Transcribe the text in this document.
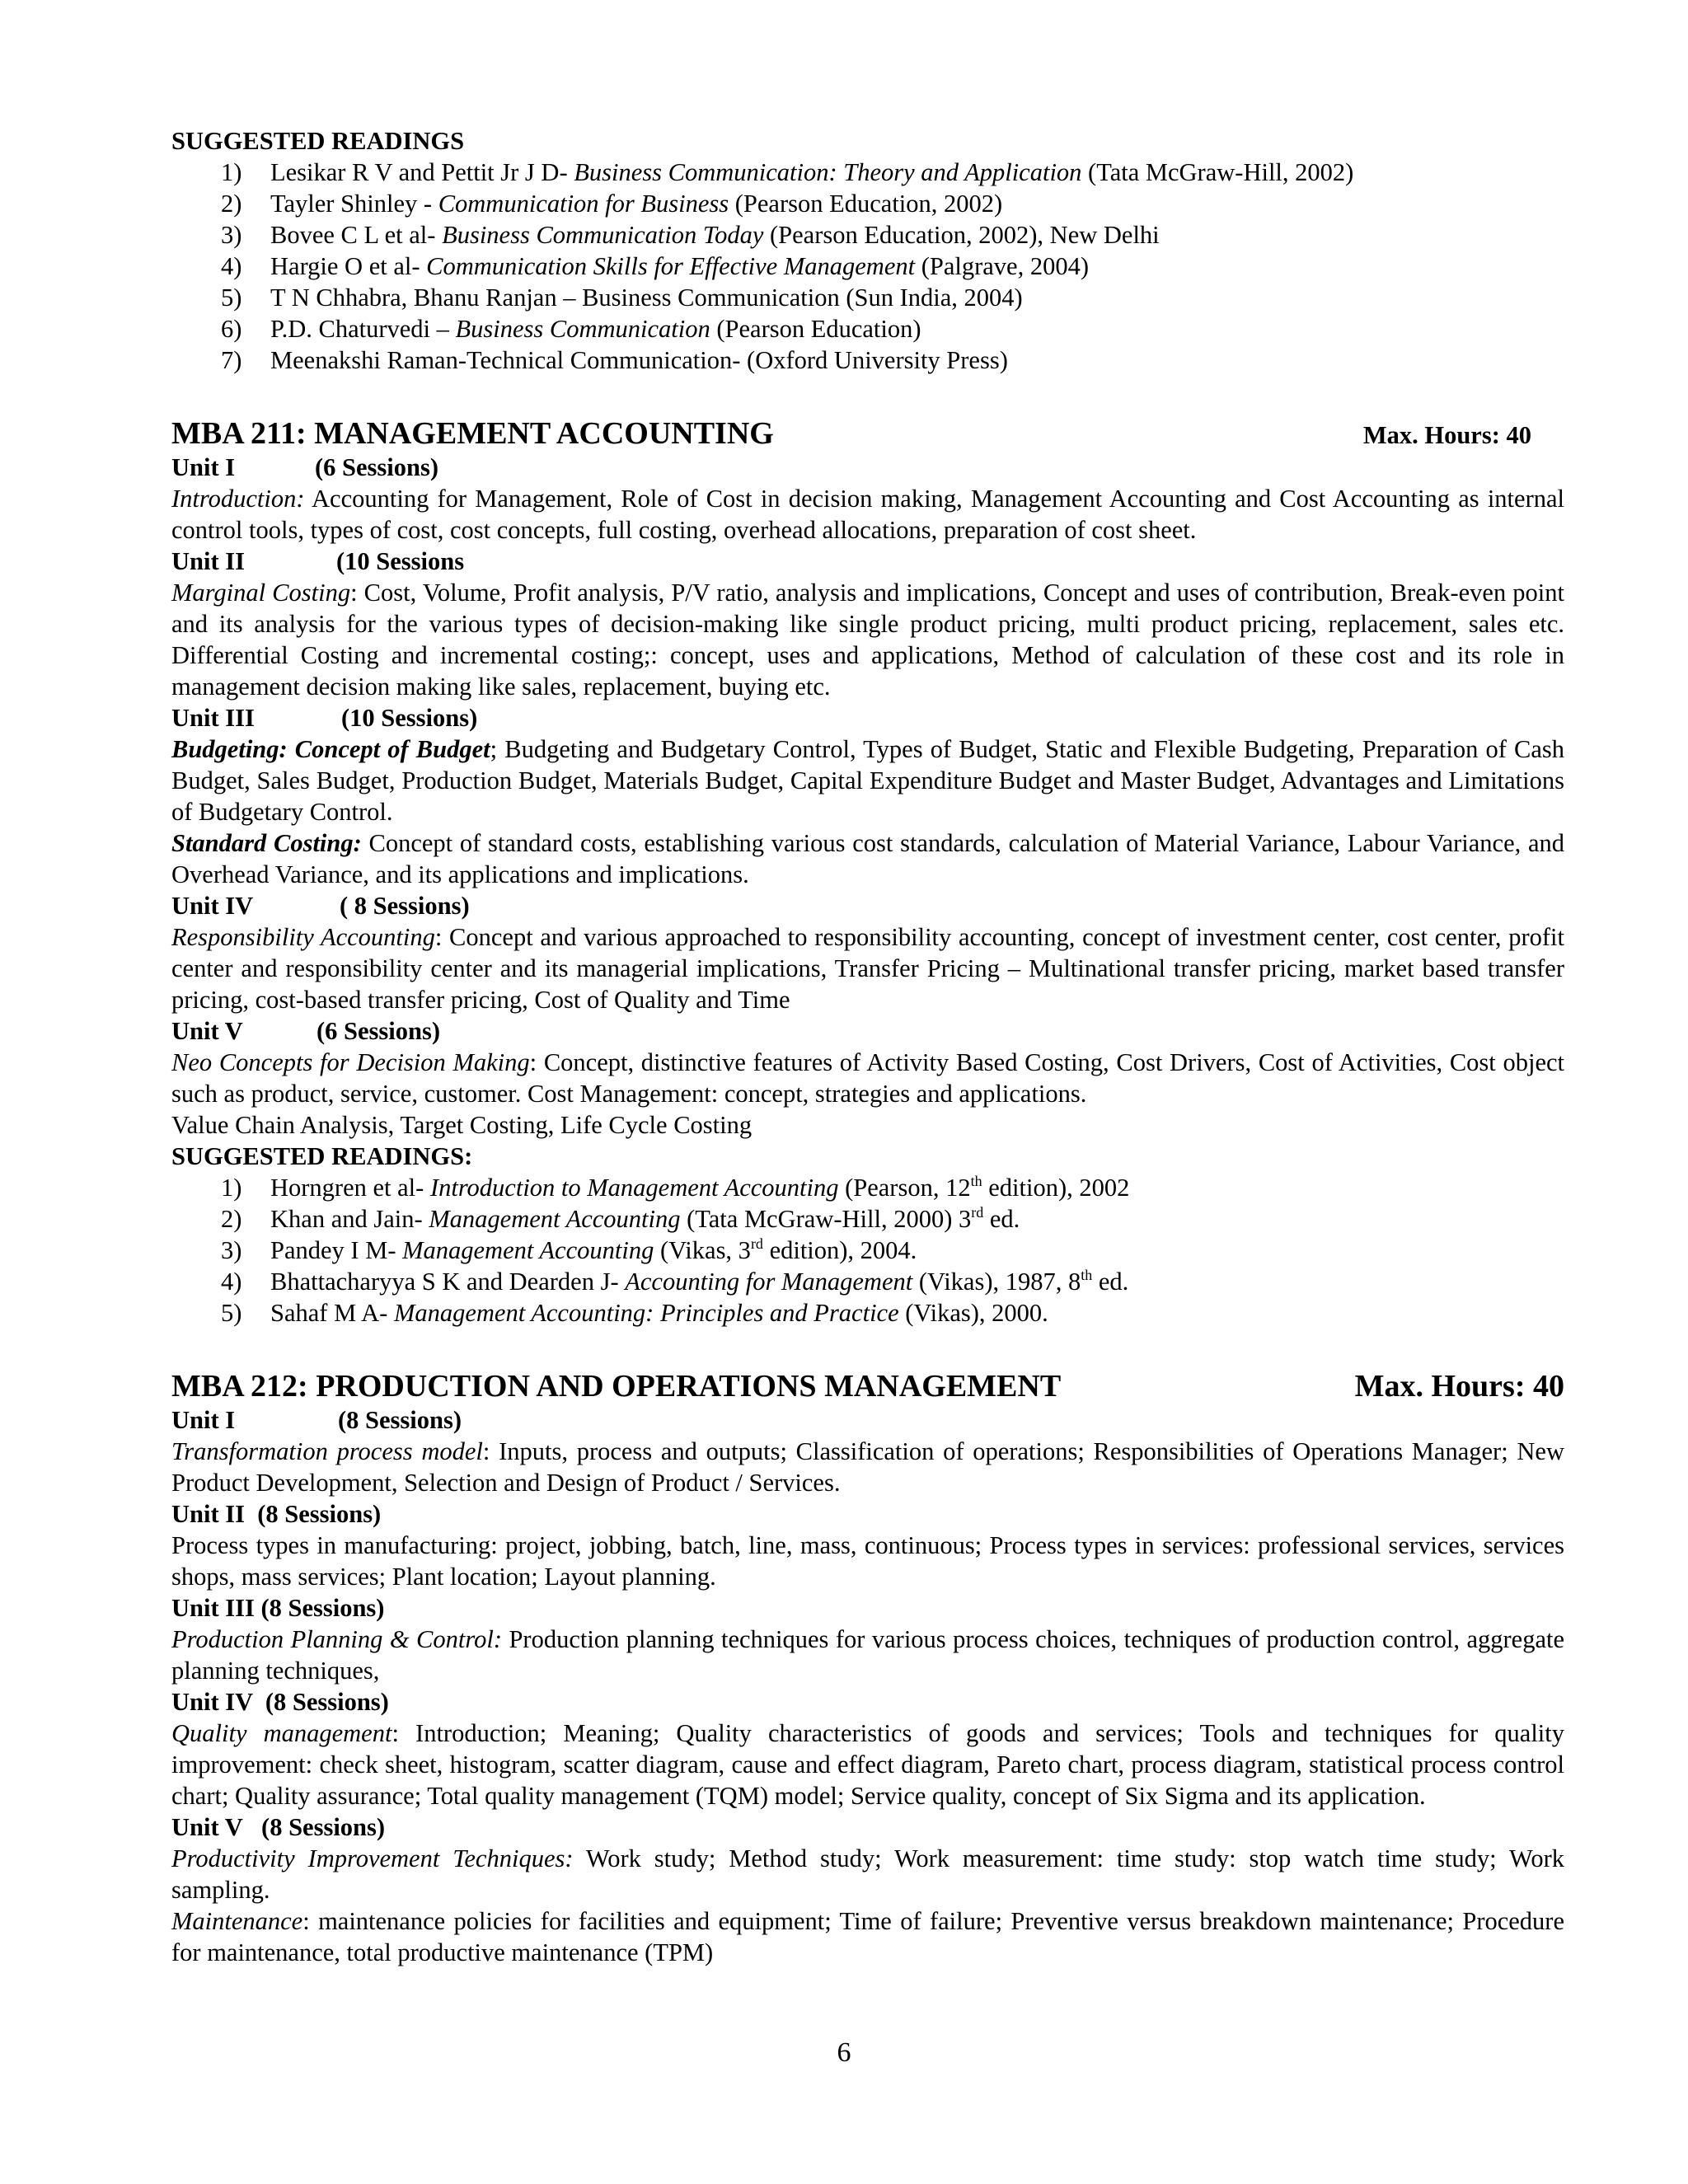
SUGGESTED READINGS

1) Lesikar R V and Pettit Jr J D- Business Communication: Theory and Application (Tata McGraw-Hill, 2002)
2) Tayler Shinley - Communication for Business (Pearson Education, 2002)
3) Bovee C L et al- Business Communication Today (Pearson Education, 2002), New Delhi
4) Hargie O et al- Communication Skills for Effective Management (Palgrave, 2004)
5) T N Chhabra, Bhanu Ranjan – Business Communication (Sun India, 2004)
6) P.D. Chaturvedi – Business Communication (Pearson Education)
7) Meenakshi Raman-Technical Communication- (Oxford University Press)
MBA 211: MANAGEMENT ACCOUNTING	Max. Hours: 40

Unit I	(6 Sessions)

Introduction: Accounting for Management, Role of Cost in decision making, Management Accounting and Cost Accounting as internal control tools, types of cost, cost concepts, full costing, overhead allocations, preparation of cost sheet.

Unit II	(10 Sessions

Marginal Costing: Cost, Volume, Profit analysis, P/V ratio, analysis and implications, Concept and uses of contribution, Break-even point and its analysis for the various types of decision-making like single product pricing, multi product pricing, replacement, sales etc. Differential Costing and incremental costing;: concept, uses and applications, Method of calculation of these cost and its role in management decision making like sales, replacement, buying etc.

Unit III	(10 Sessions)

Budgeting: Concept of Budget; Budgeting and Budgetary Control, Types of Budget, Static and Flexible Budgeting, Preparation of Cash Budget, Sales Budget, Production Budget, Materials Budget, Capital Expenditure Budget and Master Budget, Advantages and Limitations of Budgetary Control.

Standard Costing: Concept of standard costs, establishing various cost standards, calculation of Material Variance, Labour Variance, and Overhead Variance, and its applications and implications.

Unit IV	( 8 Sessions)

Responsibility Accounting: Concept and various approached to responsibility accounting, concept of investment center, cost center, profit center and responsibility center and its managerial implications, Transfer Pricing – Multinational transfer pricing, market based transfer pricing, cost-based transfer pricing, Cost of Quality and Time

Unit V	(6 Sessions)

Neo Concepts for Decision Making: Concept, distinctive features of Activity Based Costing, Cost Drivers, Cost of Activities, Cost object such as product, service, customer. Cost Management: concept, strategies and applications.

Value Chain Analysis, Target Costing, Life Cycle Costing

SUGGESTED READINGS:

1) Horngren et al- Introduction to Management Accounting (Pearson, 12th edition), 2002
2) Khan and Jain- Management Accounting (Tata McGraw-Hill, 2000) 3rd ed.
3) Pandey I M- Management Accounting (Vikas, 3rd edition), 2004.
4) Bhattacharyya S K and Dearden J- Accounting for Management (Vikas), 1987, 8th ed.
5) Sahaf M A- Management Accounting: Principles and Practice (Vikas), 2000.
MBA 212: PRODUCTION AND OPERATIONS MANAGEMENT	Max. Hours: 40

Unit I	(8 Sessions)

Transformation process model: Inputs, process and outputs; Classification of operations; Responsibilities of Operations Manager; New Product Development, Selection and Design of Product / Services.

Unit II  (8 Sessions)

Process types in manufacturing: project, jobbing, batch, line, mass, continuous; Process types in services: professional services, services shops, mass services; Plant location; Layout planning.

Unit III (8 Sessions)

Production Planning & Control: Production planning techniques for various process choices, techniques of production control, aggregate planning techniques,

Unit IV  (8 Sessions)

Quality management: Introduction; Meaning; Quality characteristics of goods and services; Tools and techniques for quality improvement: check sheet, histogram, scatter diagram, cause and effect diagram, Pareto chart, process diagram, statistical process control chart; Quality assurance; Total quality management (TQM) model; Service quality, concept of Six Sigma and its application.

Unit V   (8 Sessions)

Productivity Improvement Techniques: Work study; Method study; Work measurement: time study: stop watch time study; Work sampling.

Maintenance: maintenance policies for facilities and equipment; Time of failure; Preventive versus breakdown maintenance; Procedure for maintenance, total productive maintenance (TPM)

6
